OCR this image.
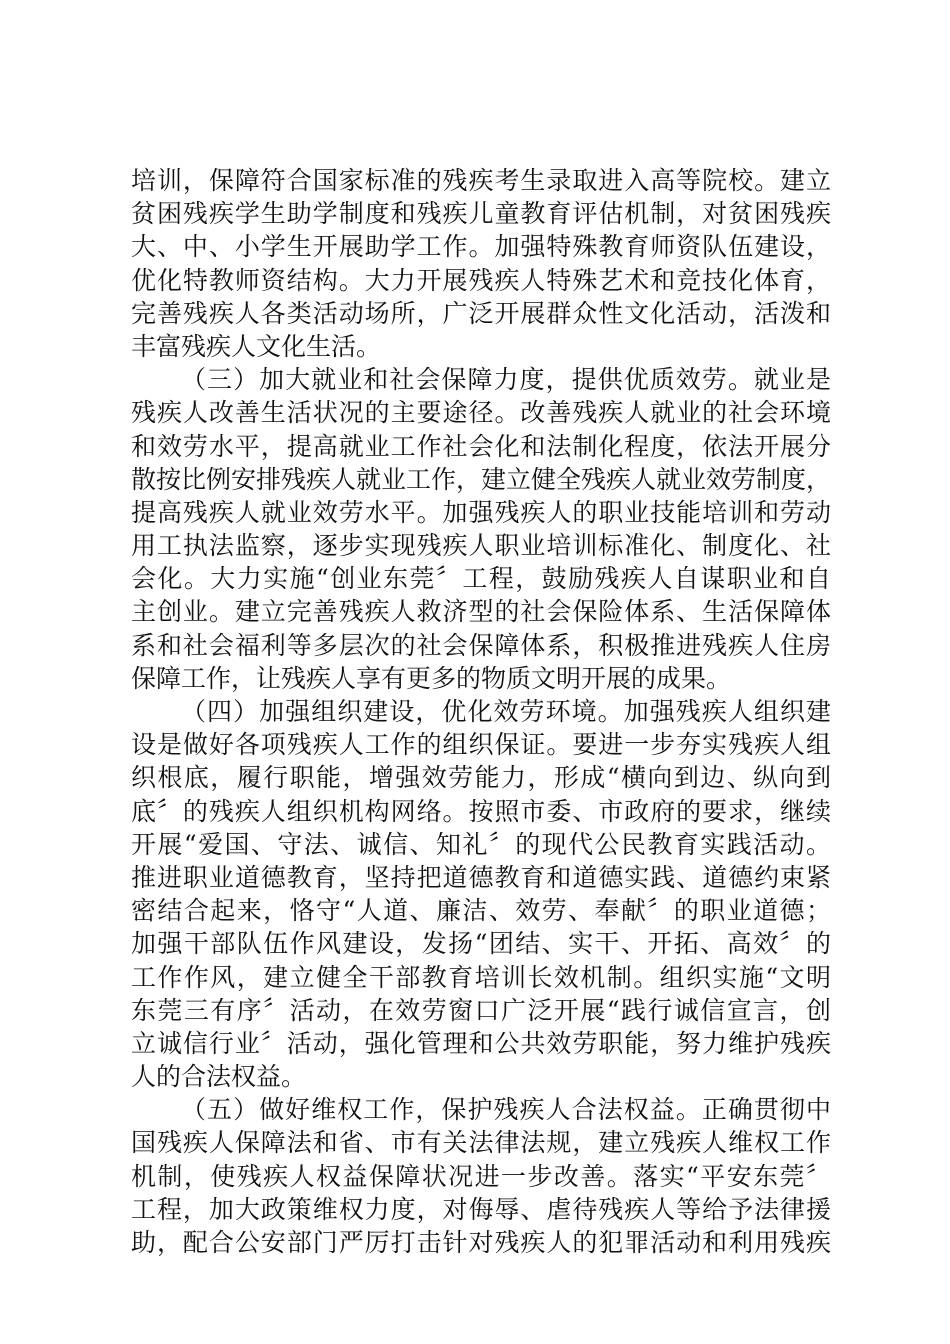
培训，保障符合国家标准的残疾考生录取进入高等院校。建立
贫困残疾学生助学制度和残疾儿童教育评估机制，对贫困残疾
大、中、小学生开展助学工作。加强特殊教育师资队伍建设，
优化特教师资结构。大力开展残疾人特殊艺术和竞技化体育，
完善残疾人各类活动场所，广泛开展群众性文化活动，活泼和
丰富残疾人文化生活。
（三）加大就业和社会保障力度，提供优质效劳。就业是
残疾人改善生活状况的主要途径。改善残疾人就业的社会环境
和效劳水平，提高就业工作社会化和法制化程度，依法开展分
散按比例安排残疾人就业工作，建立健全残疾人就业效劳制度，
提高残疾人就业效劳水平。加强残疾人的职业技能培训和劳动
用工执法监察，逐步实现残疾人职业培训标准化、制度化、社
会化。大力实施“创业东莞〞工程，鼓励残疾人自谋职业和自
主创业。建立完善残疾人救济型的社会保险体系、生活保障体
系和社会福利等多层次的社会保障体系，积极推进残疾人住房
保障工作，让残疾人享有更多的物质文明开展的成果。
（四）加强组织建设，优化效劳环境。加强残疾人组织建
设是做好各项残疾人工作的组织保证。要进一步夯实残疾人组
织根底，履行职能，增强效劳能力，形成“横向到边、纵向到
底〞的残疾人组织机构网络。按照市委、市政府的要求，继续
开展“爱国、守法、诚信、知礼〞的现代公民教育实践活动。
推进职业道德教育，坚持把道德教育和道德实践、道德约束紧
密结合起来，恪守“人道、廉洁、效劳、奉献〞的职业道德；
加强干部队伍作风建设，发扬“团结、实干、开拓、高效〞的
工作作风，建立健全干部教育培训长效机制。组织实施“文明
东莞三有序〞活动，在效劳窗口广泛开展“践行诚信宣言，创
立诚信行业〞活动，强化管理和公共效劳职能，努力维护残疾
人的合法权益。
（五）做好维权工作，保护残疾人合法权益。正确贯彻中
国残疾人保障法和省、市有关法律法规，建立残疾人维权工作
机制，使残疾人权益保障状况进一步改善。落实“平安东莞〞
工程，加大政策维权力度，对侮辱、虐待残疾人等给予法律援
助，配合公安部门严厉打击针对残疾人的犯罪活动和利用残疾
